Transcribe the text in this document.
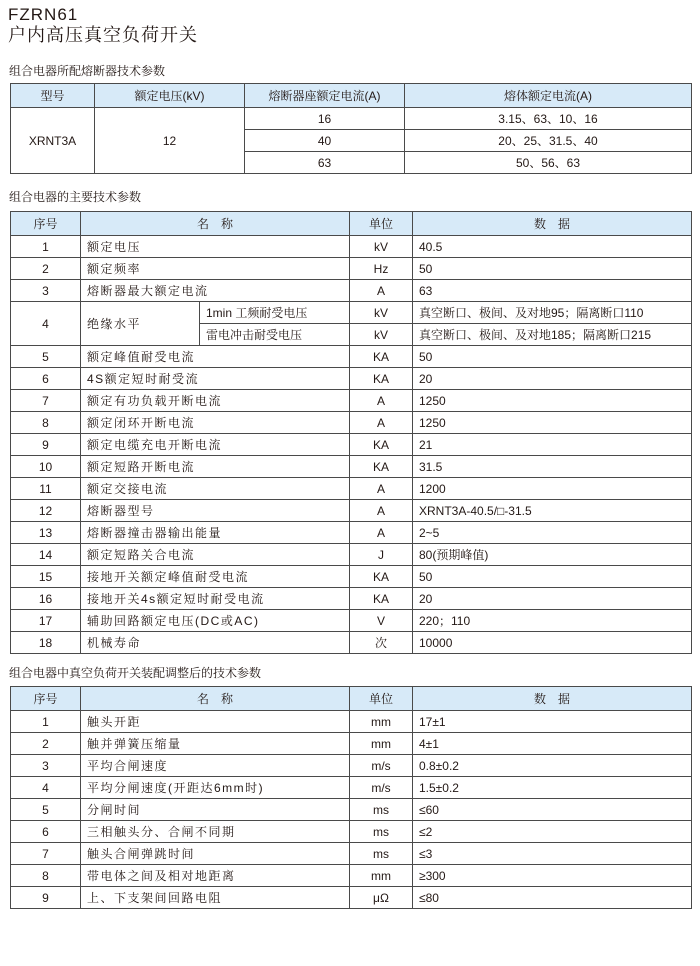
FZRN61
户内高压真空负荷开关
组合电器所配熔断器技术参数
型号	额定电压(kV)	熔断器座额定电流(A)	熔体额定电流(A)
XRNT3A	12	16	3.15、63、10、16
		40	20、25、31.5、40
		63	50、56、63
组合电器的主要技术参数
序号	名　称		单位	数　据
1	额定电压		kV	40.5
2	额定频率		Hz	50
3	熔断器最大额定电流		A	63
4	绝缘水平	1min 工频耐受电压	kV	真空断口、极间、及对地95；隔离断口110
		雷电冲击耐受电压	kV	真空断口、极间、及对地185；隔离断口215
5	额定峰值耐受电流		KA	50
6	4S额定短时耐受流		KA	20
7	额定有功负载开断电流		A	1250
8	额定闭环开断电流		A	1250
9	额定电缆充电开断电流		KA	21
10	额定短路开断电流		KA	31.5
11	额定交接电流		A	1200
12	熔断器型号		A	XRNT3A-40.5/□-31.5
13	熔断器撞击器输出能量		A	2~5
14	额定短路关合电流		J	80(预期峰值)
15	接地开关额定峰值耐受电流		KA	50
16	接地开关4s额定短时耐受电流		KA	20
17	辅助回路额定电压(DC或AC)		V	220；110
18	机械寿命		次	10000
组合电器中真空负荷开关装配调整后的技术参数
序号	名　称	单位	数　据
1	触头开距	mm	17±1
2	触并弹簧压缩量	mm	4±1
3	平均合闸速度	m/s	0.8±0.2
4	平均分闸速度(开距达6mm时)	m/s	1.5±0.2
5	分闸时间	ms	≤60
6	三相触头分、合闸不同期	ms	≤2
7	触头合闸弹跳时间	ms	≤3
8	带电体之间及相对地距离	mm	≥300
9	上、下支架间回路电阻	μΩ	≤80
